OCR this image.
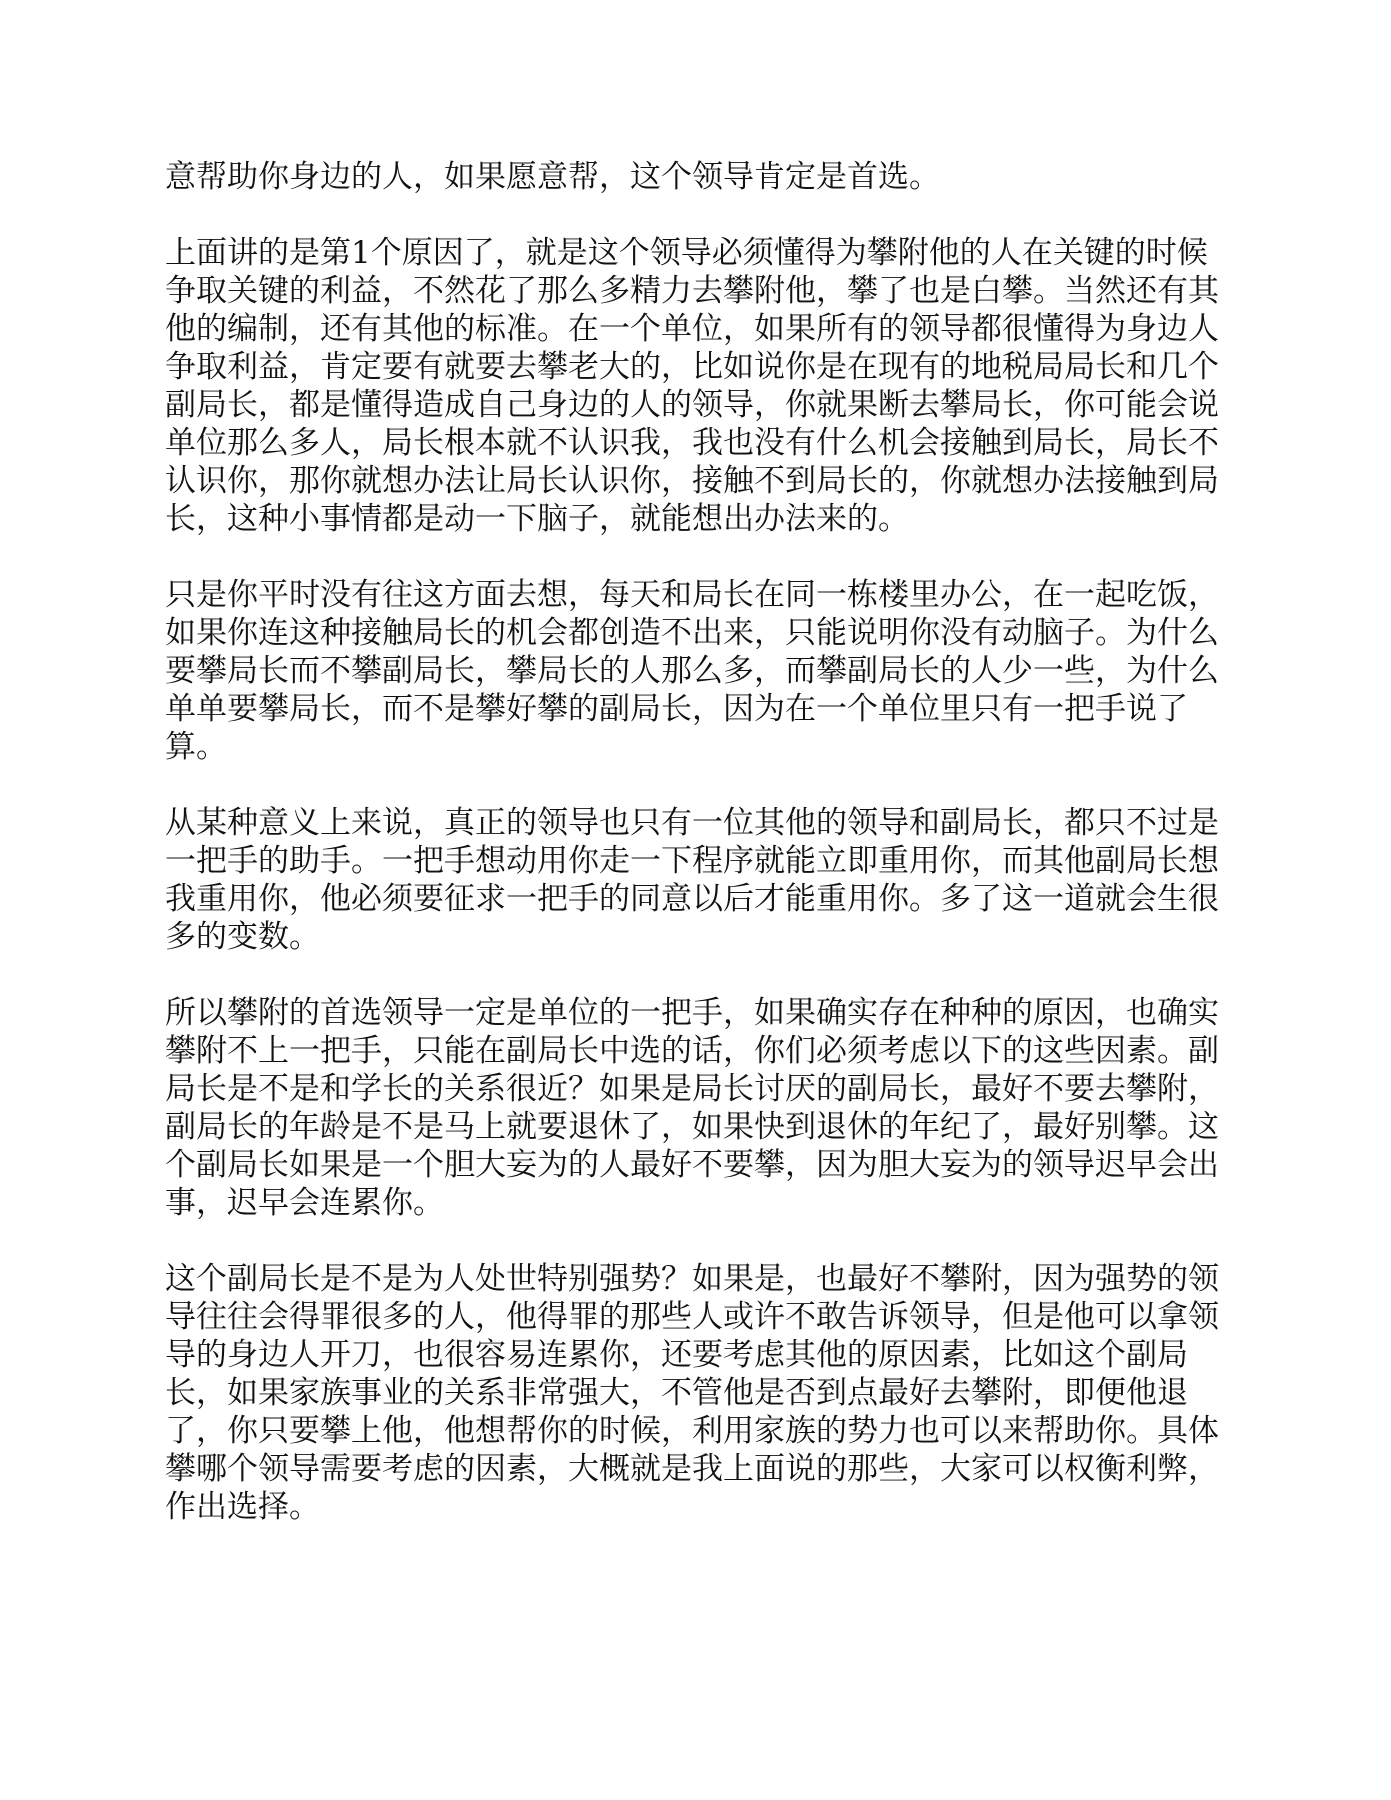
意帮助你身边的人，如果愿意帮，这个领导肯定是首选。

上面讲的是第1个原因了，就是这个领导必须懂得为攀附他的人在关键的时候争取关键的利益，不然花了那么多精力去攀附他，攀了也是白攀。当然还有其他的编制，还有其他的标准。在一个单位，如果所有的领导都很懂得为身边人争取利益，肯定要有就要去攀老大的，比如说你是在现有的地税局局长和几个副局长，都是懂得造成自己身边的人的领导，你就果断去攀局长，你可能会说单位那么多人，局长根本就不认识我，我也没有什么机会接触到局长，局长不认识你，那你就想办法让局长认识你，接触不到局长的，你就想办法接触到局长，这种小事情都是动一下脑子，就能想出办法来的。

只是你平时没有往这方面去想，每天和局长在同一栋楼里办公，在一起吃饭，如果你连这种接触局长的机会都创造不出来，只能说明你没有动脑子。为什么要攀局长而不攀副局长，攀局长的人那么多，而攀副局长的人少一些，为什么单单要攀局长，而不是攀好攀的副局长，因为在一个单位里只有一把手说了算。

从某种意义上来说，真正的领导也只有一位其他的领导和副局长，都只不过是一把手的助手。一把手想动用你走一下程序就能立即重用你，而其他副局长想我重用你，他必须要征求一把手的同意以后才能重用你。多了这一道就会生很多的变数。

所以攀附的首选领导一定是单位的一把手，如果确实存在种种的原因，也确实攀附不上一把手，只能在副局长中选的话，你们必须考虑以下的这些因素。副局长是不是和学长的关系很近？如果是局长讨厌的副局长，最好不要去攀附，副局长的年龄是不是马上就要退休了，如果快到退休的年纪了，最好别攀。这个副局长如果是一个胆大妄为的人最好不要攀，因为胆大妄为的领导迟早会出事，迟早会连累你。

这个副局长是不是为人处世特别强势？如果是，也最好不攀附，因为强势的领导往往会得罪很多的人，他得罪的那些人或许不敢告诉领导，但是他可以拿领导的身边人开刀，也很容易连累你，还要考虑其他的原因素，比如这个副局长，如果家族事业的关系非常强大，不管他是否到点最好去攀附，即便他退了，你只要攀上他，他想帮你的时候，利用家族的势力也可以来帮助你。具体攀哪个领导需要考虑的因素，大概就是我上面说的那些，大家可以权衡利弊，作出选择。
